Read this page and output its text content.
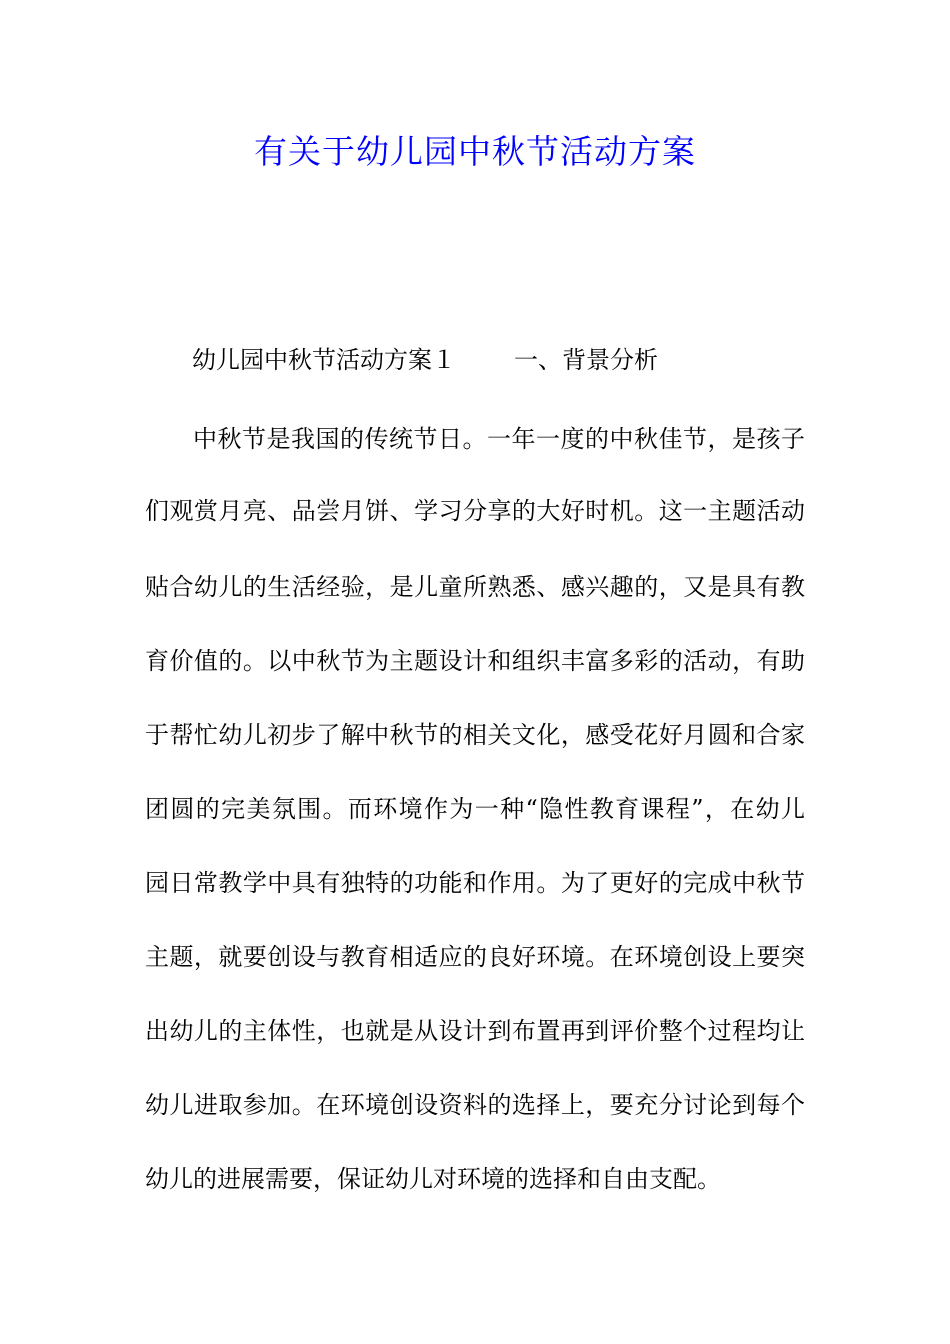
有关于幼儿园中秋节活动方案
幼儿园中秋节活动方案１ 一、背景分析
中秋节是我国的传统节日。一年一度的中秋佳节，是孩子
们观赏月亮、品尝月饼、学习分享的大好时机。这一主题活动
贴合幼儿的生活经验，是儿童所熟悉、感兴趣的，又是具有教
育价值的。以中秋节为主题设计和组织丰富多彩的活动，有助
于帮忙幼儿初步了解中秋节的相关文化，感受花好月圆和合家
团圆的完美氛围。而环境作为一种“隐性教育课程”，在幼儿
园日常教学中具有独特的功能和作用。为了更好的完成中秋节
主题，就要创设与教育相适应的良好环境。在环境创设上要突
出幼儿的主体性，也就是从设计到布置再到评价整个过程均让
幼儿进取参加。在环境创设资料的选择上，要充分讨论到每个
幼儿的进展需要，保证幼儿对环境的选择和自由支配。
